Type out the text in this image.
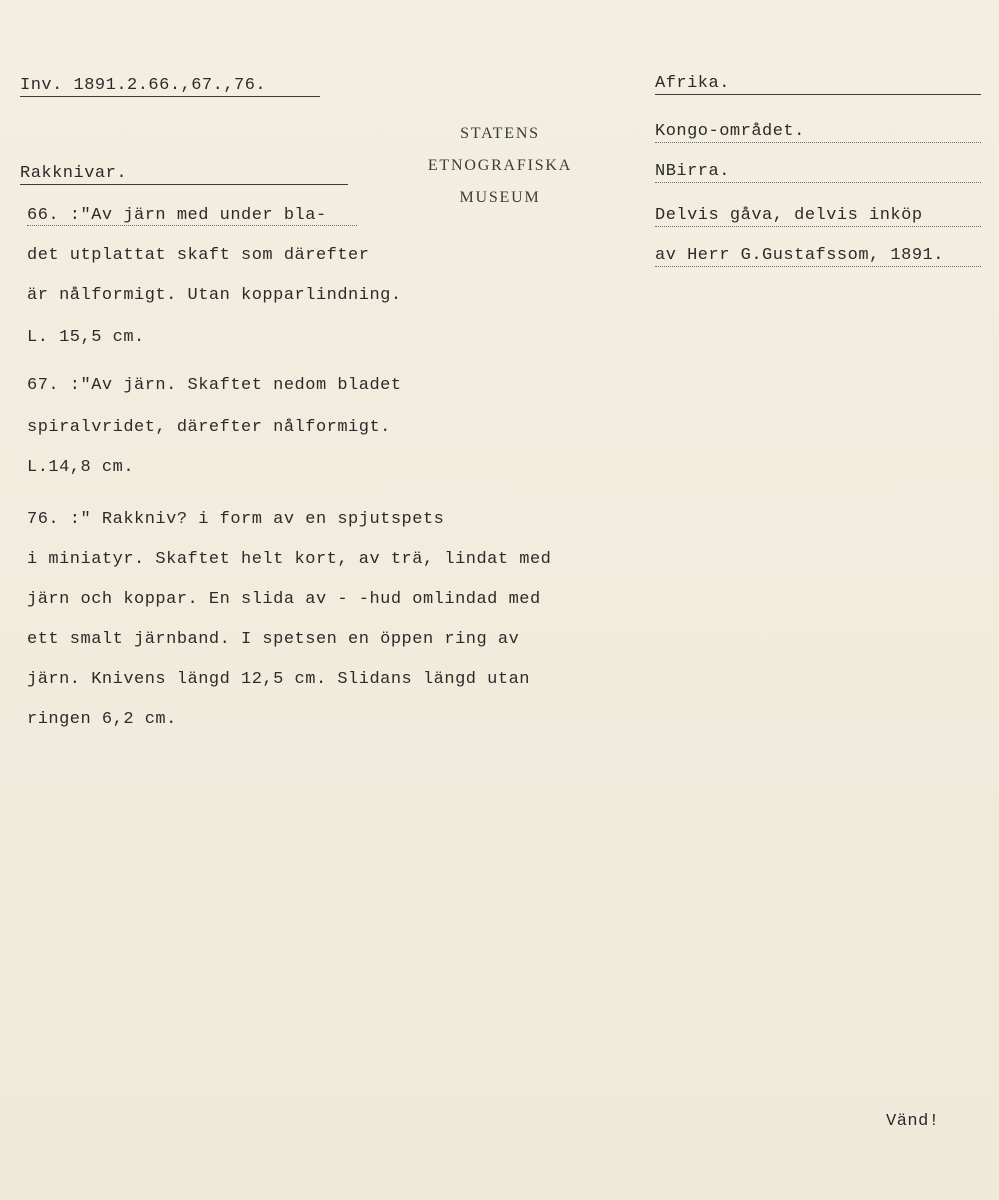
Inv. 1891.2.66.,67.,76.
Rakknivar.
STATENS
ETNOGRAFISKA
MUSEUM
Afrika.
Kongo-området.
NBirra.
Delvis gåva, delvis inköp
av Herr G.Gustafssom, 1891.
66. :"Av järn med under bla-
det utplattat skaft som därefter
är nålformigt. Utan kopparlindning.
L. 15,5 cm.
67. :"Av järn. Skaftet nedom bladet
spiralvridet, därefter nålformigt.
L.14,8 cm.
76. :" Rakkniv? i form av en spjutspets
i miniatyr. Skaftet helt kort, av trä, lindat med
järn och koppar. En slida av - -hud omlindad med
ett smalt järnband. I spetsen en öppen ring av
järn. Knivens längd 12,5 cm. Slidans längd utan
ringen 6,2 cm.
Vänd!
